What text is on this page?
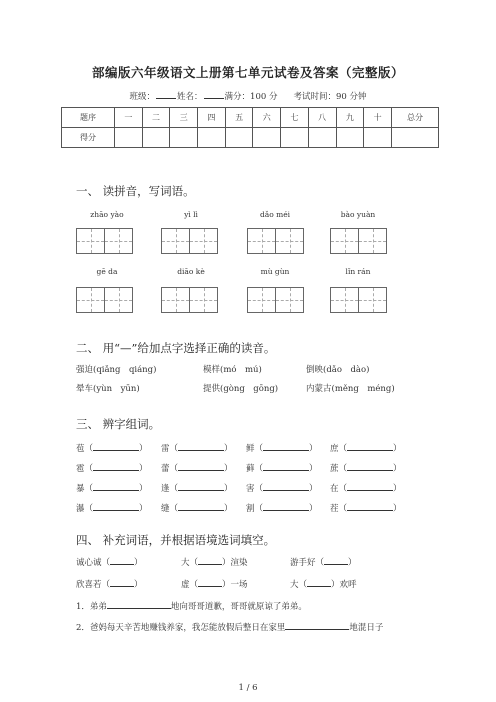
部编版六年级语文上册第七单元试卷及答案（完整版）
班级：	姓名：	满分：100 分 考试时间：90 分钟
题序	一	二	三	四	五	六	七	八	九	十	总分
得分											
一、 读拼音，写词语。
zhāo yào	yì lì	dǎo méi	bào yuàn
gē da	diāo kè	mù gùn	lǐn rán
二、 用“—”给加点字选择正确的读音。
强迫(qiǎng　qiáng)	模样(mó　mú)	倒映(dǎo　dào)
晕车(yùn　yūn)	提供(gòng　gōng)	内蒙古(měng　méng)
三、 辨字组词。
苞（	） 雷（	） 鲜（	） 庶（	）
雹（	） 蕾（	） 藓（	） 蔗（	）
暴（	） 逢（	） 害（	） 在（	）
瀑（	） 缝（	） 割（	） 茬（	）
四、 补充词语，并根据语境选词填空。
诚心诚（	）	大（	）渲染	游手好（	）
欣喜若（	）	虚（	）一场	大（	）欢呼
1．弟弟	地向哥哥道歉，哥哥就原谅了弟弟。
2．爸妈每天辛苦地赚钱养家，我怎能放假后整日在家里	地混日子
1 / 6
